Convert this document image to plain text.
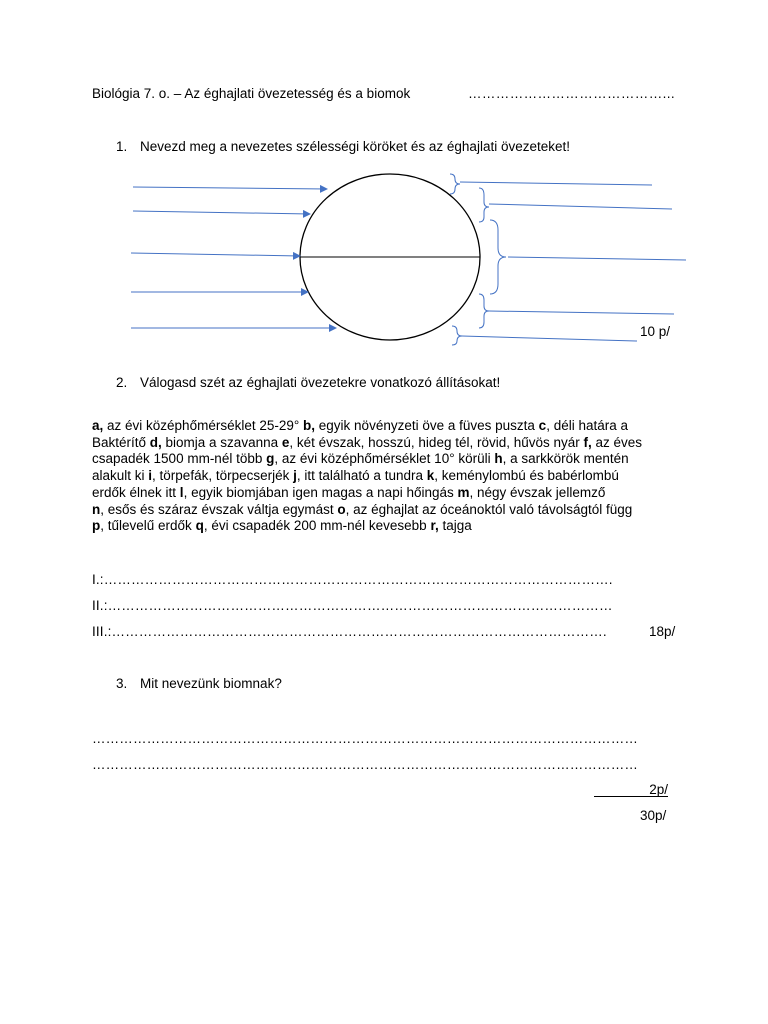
Biológia 7. o. – Az éghajlati övezetesség és a biomok	……………………………………...
1. Nevezd meg a nevezetes szélességi köröket és az éghajlati övezeteket!
10 p/
2. Válogasd szét az éghajlati övezetekre vonatkozó állításokat!
a, az évi középhőmérséklet 25-29° b, egyik növényzeti öve a füves puszta c, déli határa a
Baktérítő d, biomja a szavanna e, két évszak, hosszú, hideg tél, rövid, hűvös nyár f, az éves
csapadék 1500 mm-nél több g, az évi középhőmérséklet 10° körüli h, a sarkkörök mentén
alakult ki i, törpefák, törpecserjék j, itt található a tundra k, keménylombú és babérlombú
erdők élnek itt l, egyik biomjában igen magas a napi hőingás m, négy évszak jellemző
n, esős és száraz évszak váltja egymást o, az éghajlat az óceánoktól való távolságtól függ
p, tűlevelű erdők q, évi csapadék 200 mm-nél kevesebb r, tajga
I.:………………………………………………………………………………………………….
II.:…………………………………………………………………………………………………
III.:……………………………………………………………………………………………….	18p/
3. Mit nevezünk biomnak?
…………………………………………………………………………………………………………
…………………………………………………………………………………………………………
2p/
30p/
